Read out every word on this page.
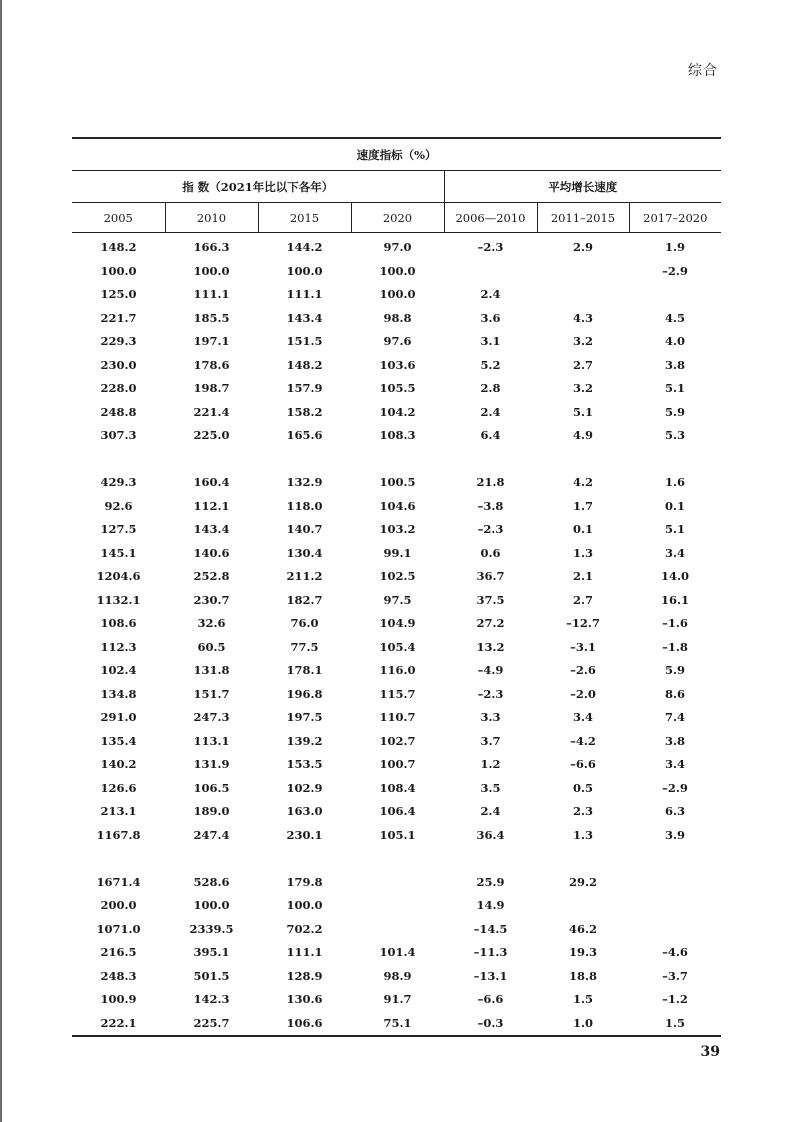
综合
速度指标（%）						
指 数（2021年比以下各年）				平均增长速度		
2005	2010	2015	2020	2006—2010	2011–2015	2017–2020
148.2	166.3	144.2	97.0	–2.3	2.9	1.9
100.0	100.0	100.0	100.0			–2.9
125.0	111.1	111.1	100.0	2.4		
221.7	185.5	143.4	98.8	3.6	4.3	4.5
229.3	197.1	151.5	97.6	3.1	3.2	4.0
230.0	178.6	148.2	103.6	5.2	2.7	3.8
228.0	198.7	157.9	105.5	2.8	3.2	5.1
248.8	221.4	158.2	104.2	2.4	5.1	5.9
307.3	225.0	165.6	108.3	6.4	4.9	5.3

429.3	160.4	132.9	100.5	21.8	4.2	1.6
92.6	112.1	118.0	104.6	–3.8	1.7	0.1
127.5	143.4	140.7	103.2	–2.3	0.1	5.1
145.1	140.6	130.4	99.1	0.6	1.3	3.4
1204.6	252.8	211.2	102.5	36.7	2.1	14.0
1132.1	230.7	182.7	97.5	37.5	2.7	16.1
108.6	32.6	76.0	104.9	27.2	–12.7	–1.6
112.3	60.5	77.5	105.4	13.2	–3.1	–1.8
102.4	131.8	178.1	116.0	–4.9	–2.6	5.9
134.8	151.7	196.8	115.7	–2.3	–2.0	8.6
291.0	247.3	197.5	110.7	3.3	3.4	7.4
135.4	113.1	139.2	102.7	3.7	–4.2	3.8
140.2	131.9	153.5	100.7	1.2	–6.6	3.4
126.6	106.5	102.9	108.4	3.5	0.5	–2.9
213.1	189.0	163.0	106.4	2.4	2.3	6.3
1167.8	247.4	230.1	105.1	36.4	1.3	3.9

1671.4	528.6	179.8		25.9	29.2	
200.0	100.0	100.0		14.9		
1071.0	2339.5	702.2		–14.5	46.2	
216.5	395.1	111.1	101.4	–11.3	19.3	–4.6
248.3	501.5	128.9	98.9	–13.1	18.8	–3.7
100.9	142.3	130.6	91.7	–6.6	1.5	–1.2
222.1	225.7	106.6	75.1	–0.3	1.0	1.5
39
